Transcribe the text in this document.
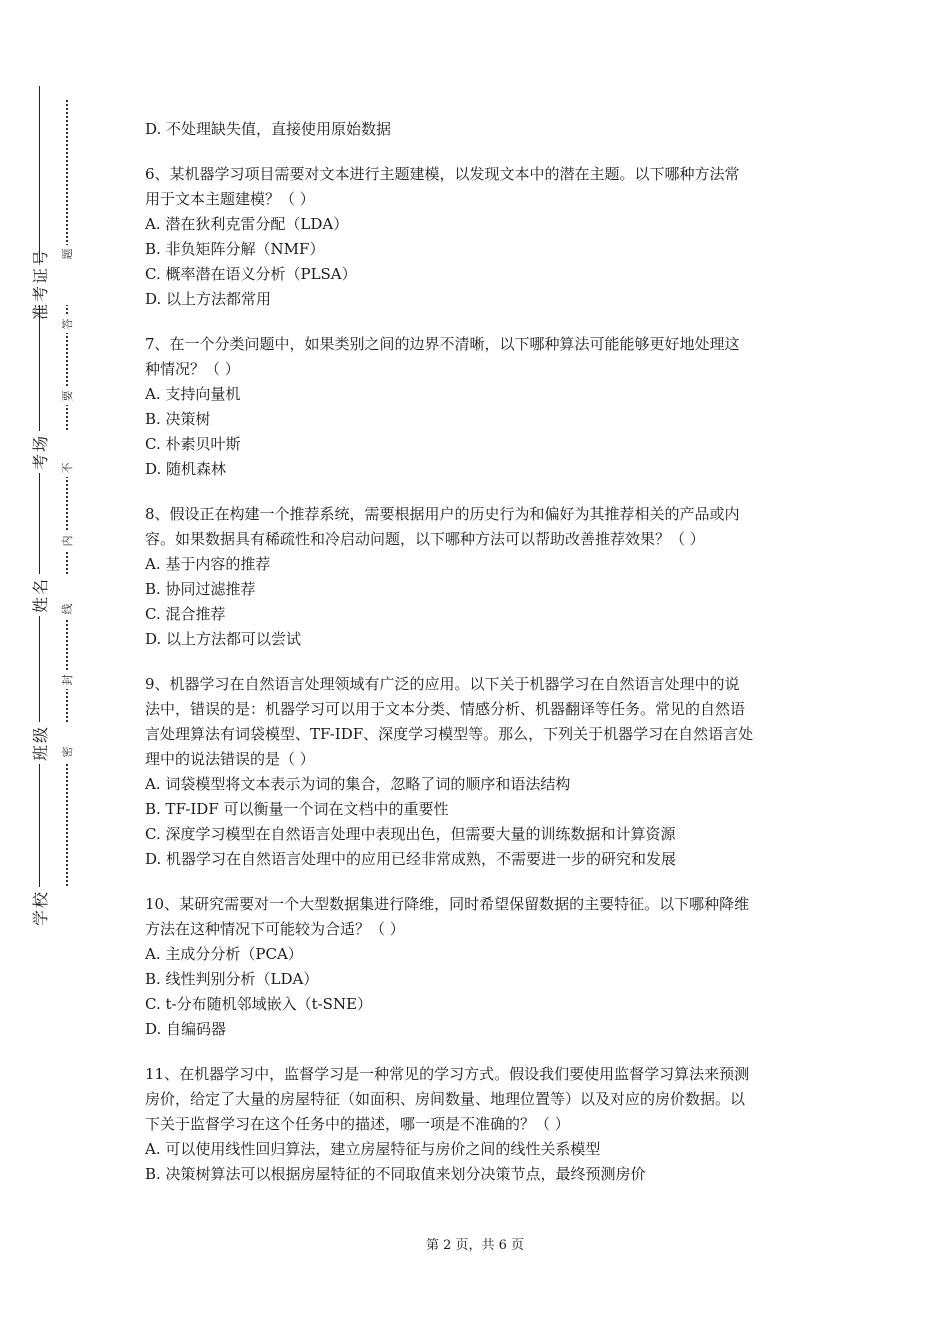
准考证号
考场
姓名
班级
学校
题
答
要
不
内
线
封
密
D. 不处理缺失值，直接使用原始数据
6、某机器学习项目需要对文本进行主题建模，以发现文本中的潜在主题。以下哪种方法常
用于文本主题建模？（ ）
A. 潜在狄利克雷分配（LDA）
B. 非负矩阵分解（NMF）
C. 概率潜在语义分析（PLSA）
D. 以上方法都常用
7、在一个分类问题中，如果类别之间的边界不清晰，以下哪种算法可能能够更好地处理这
种情况？（ ）
A. 支持向量机
B. 决策树
C. 朴素贝叶斯
D. 随机森林
8、假设正在构建一个推荐系统，需要根据用户的历史行为和偏好为其推荐相关的产品或内
容。如果数据具有稀疏性和冷启动问题，以下哪种方法可以帮助改善推荐效果？（ ）
A. 基于内容的推荐
B. 协同过滤推荐
C. 混合推荐
D. 以上方法都可以尝试
9、机器学习在自然语言处理领域有广泛的应用。以下关于机器学习在自然语言处理中的说
法中，错误的是：机器学习可以用于文本分类、情感分析、机器翻译等任务。常见的自然语
言处理算法有词袋模型、TF-IDF、深度学习模型等。那么，下列关于机器学习在自然语言处
理中的说法错误的是（ ）
A. 词袋模型将文本表示为词的集合，忽略了词的顺序和语法结构
B. TF-IDF 可以衡量一个词在文档中的重要性
C. 深度学习模型在自然语言处理中表现出色，但需要大量的训练数据和计算资源
D. 机器学习在自然语言处理中的应用已经非常成熟，不需要进一步的研究和发展
10、某研究需要对一个大型数据集进行降维，同时希望保留数据的主要特征。以下哪种降维
方法在这种情况下可能较为合适？（ ）
A. 主成分分析（PCA）
B. 线性判别分析（LDA）
C. t-分布随机邻域嵌入（t-SNE）
D. 自编码器
11、在机器学习中，监督学习是一种常见的学习方式。假设我们要使用监督学习算法来预测
房价，给定了大量的房屋特征（如面积、房间数量、地理位置等）以及对应的房价数据。以
下关于监督学习在这个任务中的描述，哪一项是不准确的？（ ）
A. 可以使用线性回归算法，建立房屋特征与房价之间的线性关系模型
B. 决策树算法可以根据房屋特征的不同取值来划分决策节点，最终预测房价
第 2 页，共 6 页
